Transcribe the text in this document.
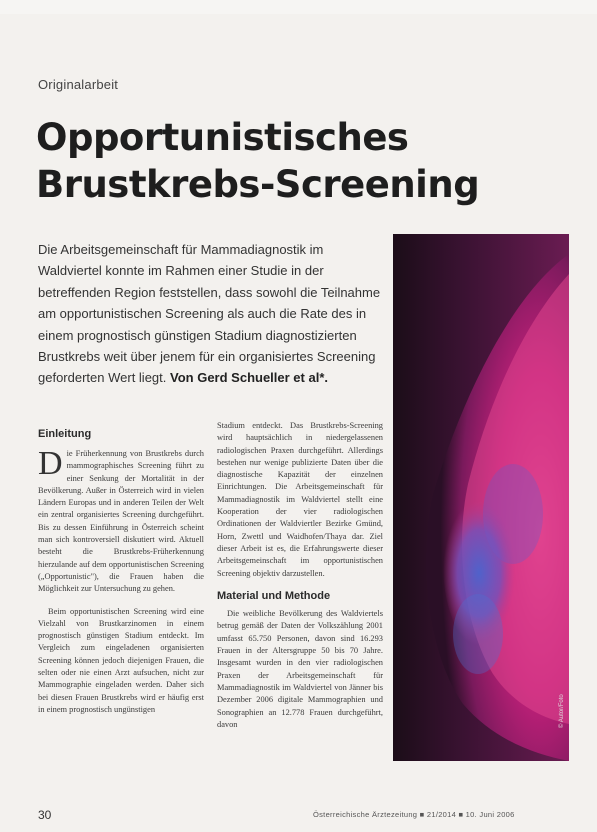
Originalarbeit
Opportunistisches
Brustkrebs-Screening
Die Arbeitsgemeinschaft für Mammadiagnostik im Waldviertel konnte im Rahmen einer Studie in der betreffenden Region feststellen, dass sowohl die Teilnahme am opportunistischen Screening als auch die Rate des in einem prognostisch günstigen Stadium diagnostizierten Brustkrebs weit über jenem für ein organisiertes Screening geforderten Wert liegt. Von Gerd Schueller et al*.
© Autor/Foto
Einleitung

D ie Früherkennung von Brustkrebs durch mammographisches Screening führt zu einer Senkung der Mortalität in der Bevölkerung. Außer in Österreich wird in vielen Ländern Europas und in anderen Teilen der Welt ein zentral organisiertes Screening durchgeführt. Bis zu dessen Einführung in Österreich scheint man sich kontroversiell diskutiert wird. Aktuell besteht die Brustkrebs-Früherkennung hierzulande auf dem opportunistischen Screening („Opportunistic"), die Frauen haben die Möglichkeit zur Untersuchung zu gehen.

Beim opportunistischen Screening wird eine Vielzahl von Brustkarzinomen in einem prognostisch günstigen Stadium entdeckt. Im Vergleich zum eingeladenen organisierten Screening können jedoch diejenigen Frauen, die selten oder nie einen Arzt aufsuchen, nicht zur Mammographie eingeladen werden. Daher sich bei diesen Frauen Brustkrebs wird er häufig erst in einem prognostisch ungünstigen

Stadium entdeckt. Das Brustkrebs-Screening wird hauptsächlich in niedergelassenen radiologischen Praxen durchgeführt. Allerdings bestehen nur wenige publizierte Daten über die diagnostische Kapazität der einzelnen Einrichtungen. Die Arbeitsgemeinschaft für Mammadiagnostik im Waldviertel stellt eine Kooperation der vier radiologischen Ordinationen der Waldviertler Bezirke Gmünd, Horn, Zwettl und Waidhofen/Thaya dar. Ziel dieser Arbeit ist es, die Erfahrungswerte dieser Arbeitsgemeinschaft im opportunistischen Screening objektiv darzustellen.

Material und Methode

Die weibliche Bevölkerung des Waldviertels betrug gemäß der Daten der Volkszählung 2001 umfasst 65.750 Personen, davon sind 16.293 Frauen in der Altersgruppe 50 bis 70 Jahre. Insgesamt wurden in den vier radiologischen Praxen der Arbeitsgemeinschaft für Mammadiagnostik im Waldviertel von Jänner bis Dezember 2006 digitale Mammographien und Sonographien an 12.778 Frauen durchgeführt, davon

30	Österreichische Ärztezeitung ■ 21/2014 ■ 10. Juni 2006
